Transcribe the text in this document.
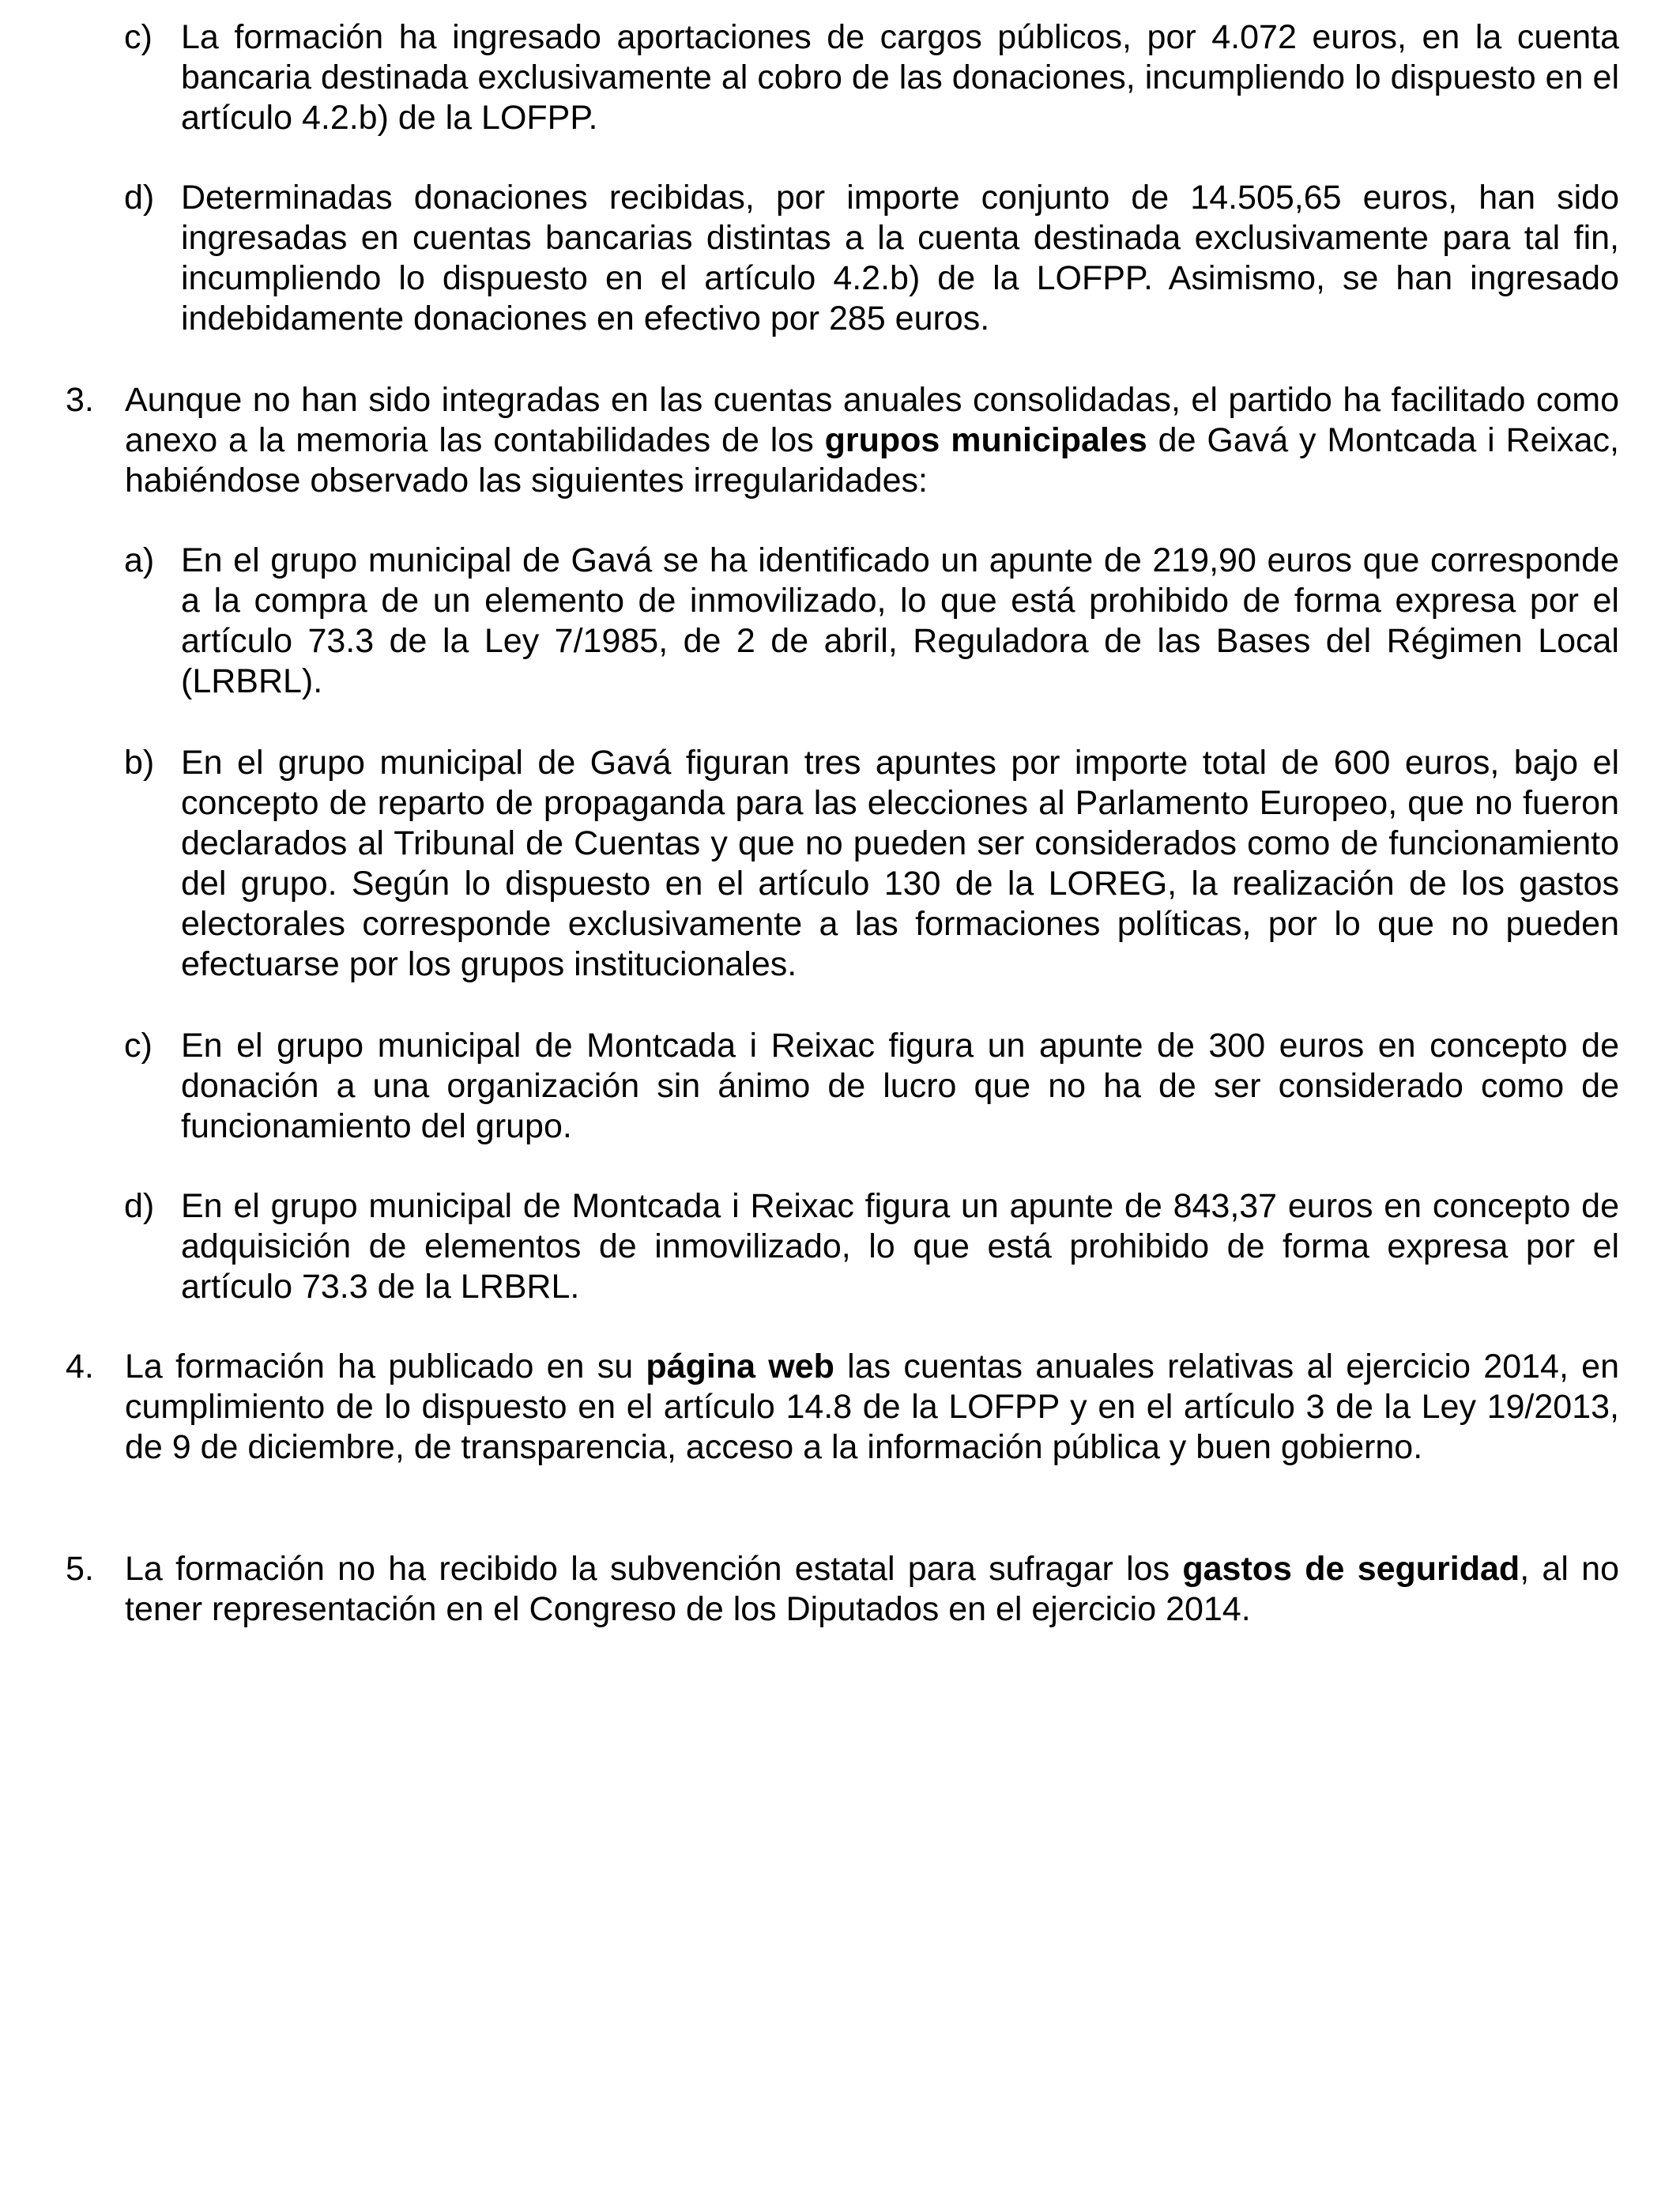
c) La formación ha ingresado aportaciones de cargos públicos, por 4.072 euros, en la cuenta bancaria destinada exclusivamente al cobro de las donaciones, incumpliendo lo dispuesto en el artículo 4.2.b) de la LOFPP.

d) Determinadas donaciones recibidas, por importe conjunto de 14.505,65 euros, han sido ingresadas en cuentas bancarias distintas a la cuenta destinada exclusivamente para tal fin, incumpliendo lo dispuesto en el artículo 4.2.b) de la LOFPP. Asimismo, se han ingresado indebidamente donaciones en efectivo por 285 euros.

3. Aunque no han sido integradas en las cuentas anuales consolidadas, el partido ha facilitado como anexo a la memoria las contabilidades de los grupos municipales de Gavá y Montcada i Reixac, habiéndose observado las siguientes irregularidades:

a) En el grupo municipal de Gavá se ha identificado un apunte de 219,90 euros que corresponde a la compra de un elemento de inmovilizado, lo que está prohibido de forma expresa por el artículo 73.3 de la Ley 7/1985, de 2 de abril, Reguladora de las Bases del Régimen Local (LRBRL).

b) En el grupo municipal de Gavá figuran tres apuntes por importe total de 600 euros, bajo el concepto de reparto de propaganda para las elecciones al Parlamento Europeo, que no fueron declarados al Tribunal de Cuentas y que no pueden ser considerados como de funcionamiento del grupo. Según lo dispuesto en el artículo 130 de la LOREG, la realización de los gastos electorales corresponde exclusivamente a las formaciones políticas, por lo que no pueden efectuarse por los grupos institucionales.

c) En el grupo municipal de Montcada i Reixac figura un apunte de 300 euros en concepto de donación a una organización sin ánimo de lucro que no ha de ser considerado como de funcionamiento del grupo.

d) En el grupo municipal de Montcada i Reixac figura un apunte de 843,37 euros en concepto de adquisición de elementos de inmovilizado, lo que está prohibido de forma expresa por el artículo 73.3 de la LRBRL.

4. La formación ha publicado en su página web las cuentas anuales relativas al ejercicio 2014, en cumplimiento de lo dispuesto en el artículo 14.8 de la LOFPP y en el artículo 3 de la Ley 19/2013, de 9 de diciembre, de transparencia, acceso a la información pública y buen gobierno.

5. La formación no ha recibido la subvención estatal para sufragar los gastos de seguridad, al no tener representación en el Congreso de los Diputados en el ejercicio 2014.
